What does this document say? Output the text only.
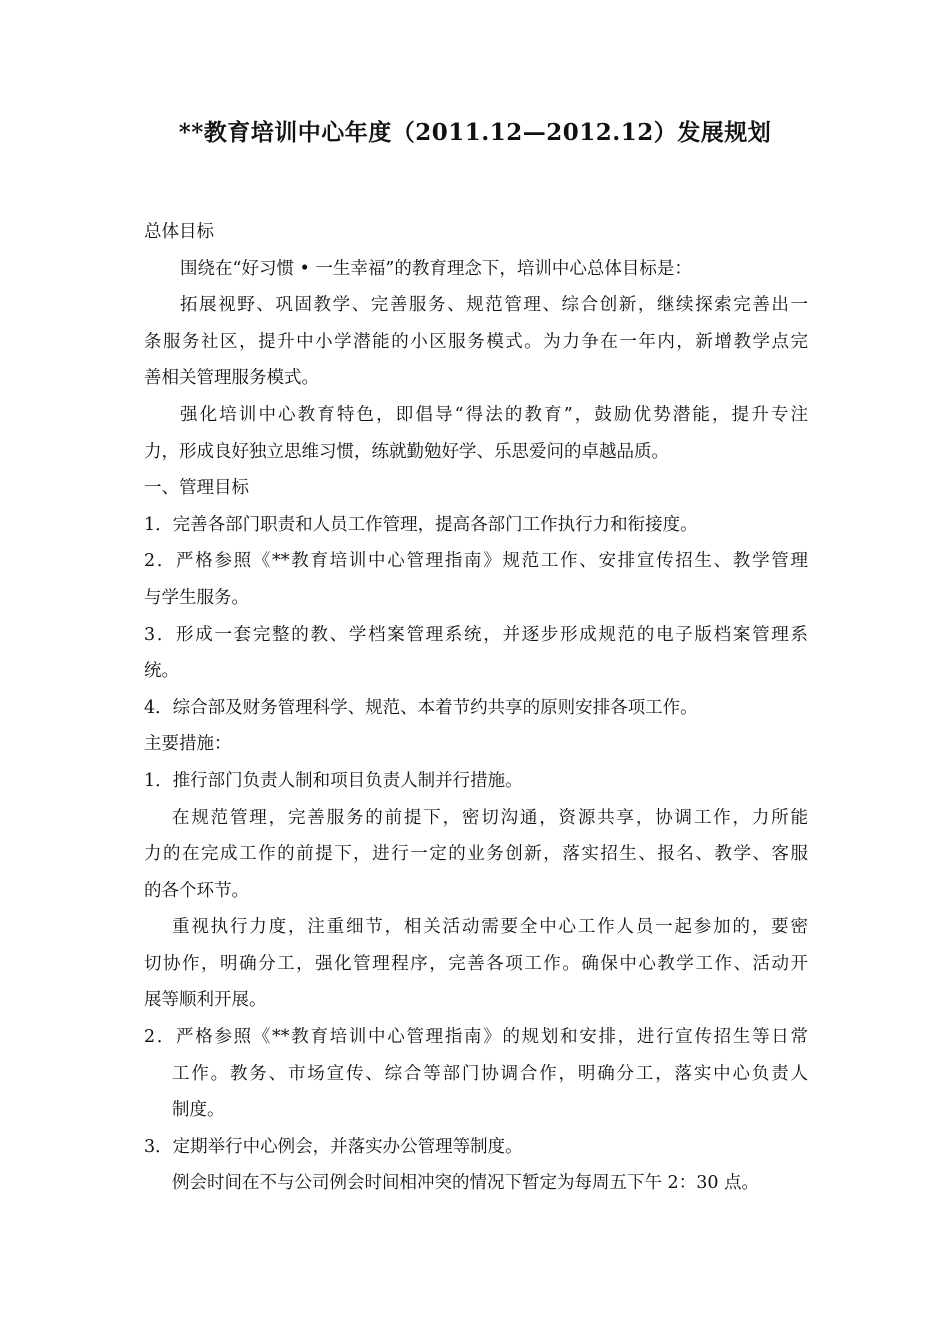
**教育培训中心年度（2011.12—2012.12）发展规划
总体目标
围绕在“好习惯 • 一生幸福”的教育理念下，培训中心总体目标是：
拓展视野、巩固教学、完善服务、规范管理、综合创新，继续探索完善出一
条服务社区，提升中小学潜能的小区服务模式。为力争在一年内，新增教学点完
善相关管理服务模式。
强化培训中心教育特色，即倡导“得法的教育”，鼓励优势潜能，提升专注
力，形成良好独立思维习惯，练就勤勉好学、乐思爱问的卓越品质。
一、管理目标
1．完善各部门职责和人员工作管理，提高各部门工作执行力和衔接度。
2．严格参照《**教育培训中心管理指南》规范工作、安排宣传招生、教学管理
与学生服务。
3．形成一套完整的教、学档案管理系统，并逐步形成规范的电子版档案管理系
统。
4．综合部及财务管理科学、规范、本着节约共享的原则安排各项工作。
主要措施：
1．推行部门负责人制和项目负责人制并行措施。
在规范管理，完善服务的前提下，密切沟通，资源共享，协调工作，力所能
力的在完成工作的前提下，进行一定的业务创新，落实招生、报名、教学、客服
的各个环节。
重视执行力度，注重细节，相关活动需要全中心工作人员一起参加的，要密
切协作，明确分工，强化管理程序，完善各项工作。确保中心教学工作、活动开
展等顺利开展。
2．严格参照《**教育培训中心管理指南》的规划和安排，进行宣传招生等日常
工作。教务、市场宣传、综合等部门协调合作，明确分工，落实中心负责人
制度。
3．定期举行中心例会，并落实办公管理等制度。
例会时间在不与公司例会时间相冲突的情况下暂定为每周五下午 2：30 点。
